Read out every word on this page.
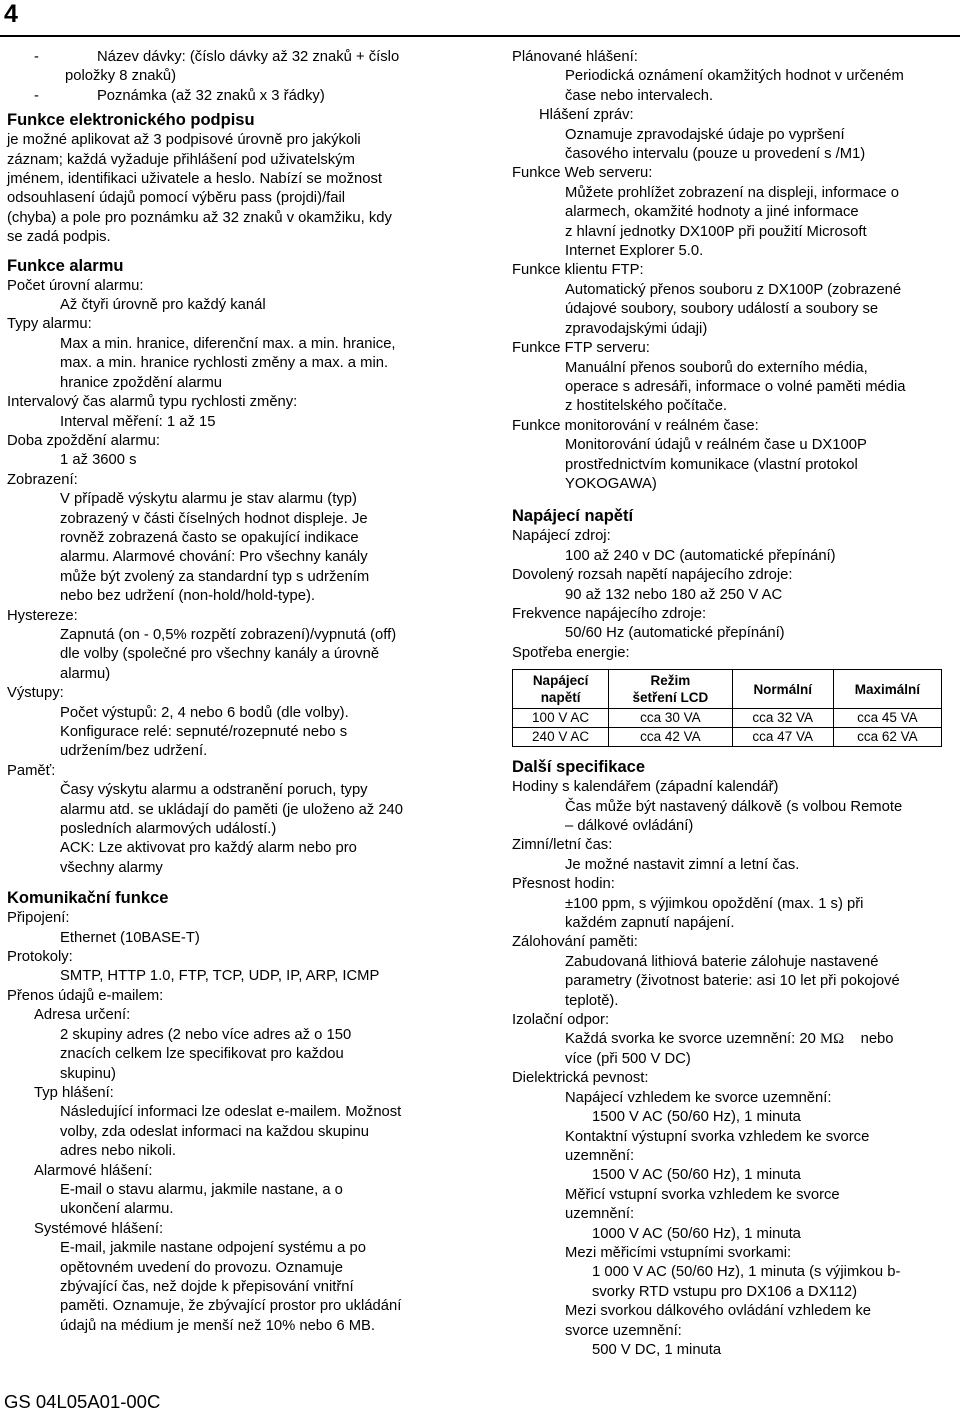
4
-	Název dávky: (číslo dávky až 32 znaků + číslo
položky 8 znaků)
-	Poznámka (až 32 znaků x 3 řádky)
Funkce elektronického podpisu
je možné aplikovat až 3 podpisové úrovně pro jakýkoli
záznam; každá vyžaduje přihlášení pod uživatelským
jménem, identifikaci uživatele a heslo. Nabízí se možnost
odsouhlasení údajů pomocí výběru pass (projdi)/fail
(chyba) a pole pro poznámku až 32 znaků v okamžiku, kdy
se zadá podpis.
Funkce alarmu
Počet úrovní alarmu:
Až čtyři úrovně pro každý kanál
Typy alarmu:
Max a min. hranice, diferenční max. a min. hranice,
max. a min. hranice rychlosti změny a max. a min.
hranice zpoždění alarmu
Intervalový čas alarmů typu rychlosti změny:
Interval měření: 1 až 15
Doba zpoždění alarmu:
1 až 3600 s
Zobrazení:
V případě výskytu alarmu je stav alarmu (typ)
zobrazený v části číselných hodnot displeje. Je
rovněž zobrazená často se opakující indikace
alarmu. Alarmové chování: Pro všechny kanály
může být zvolený za standardní typ s udržením
nebo bez udržení (non-hold/hold-type).
Hystereze:
Zapnutá (on - 0,5% rozpětí zobrazení)/vypnutá (off)
dle volby (společné pro všechny kanály a úrovně
alarmu)
Výstupy:
Počet výstupů: 2, 4 nebo 6 bodů (dle volby).
Konfigurace relé: sepnuté/rozepnuté nebo s
udržením/bez udržení.
Paměť:
Časy výskytu alarmu a odstranění poruch, typy
alarmu atd. se ukládají do paměti (je uloženo až 240
posledních alarmových událostí.)
ACK: Lze aktivovat pro každý alarm nebo pro
všechny alarmy
Komunikační funkce
Připojení:
Ethernet (10BASE-T)
Protokoly:
SMTP, HTTP 1.0, FTP, TCP, UDP, IP, ARP, ICMP
Přenos údajů e-mailem:
Adresa určení:
2 skupiny adres (2 nebo více adres až o 150
znacích celkem lze specifikovat pro každou
skupinu)
Typ hlášení:
Následující informaci lze odeslat e-mailem. Možnost
volby, zda odeslat informaci na každou skupinu
adres nebo nikoli.
Alarmové hlášení:
E-mail o stavu alarmu, jakmile nastane, a o
ukončení alarmu.
Systémové hlášení:
E-mail, jakmile nastane odpojení systému a po
opětovném uvedení do provozu. Oznamuje
zbývající čas, než dojde k přepisování vnitřní
paměti. Oznamuje, že zbývající prostor pro ukládání
údajů na médium je menší než 10% nebo 6 MB.
Plánované hlášení:
Periodická oznámení okamžitých hodnot v určeném
čase nebo intervalech.
Hlášení zpráv:
Oznamuje zpravodajské údaje po vypršení
časového intervalu (pouze u provedení s /M1)
Funkce Web serveru:
Můžete prohlížet zobrazení na displeji, informace o
alarmech, okamžité hodnoty a jiné informace
z hlavní jednotky DX100P při použití Microsoft
Internet Explorer 5.0.
Funkce klientu FTP:
Automatický přenos souboru z DX100P (zobrazené
údajové soubory, soubory událostí a soubory se
zpravodajskými údaji)
Funkce FTP serveru:
Manuální přenos souborů do externího média,
operace s adresáři, informace o volné paměti média
z hostitelského počítače.
Funkce monitorování v reálném čase:
Monitorování údajů v reálném čase u DX100P
prostřednictvím komunikace (vlastní protokol
YOKOGAWA)
Napájecí napětí
Napájecí zdroj:
100 až 240 v DC (automatické přepínání)
Dovolený rozsah napětí napájecího zdroje:
90 až 132 nebo 180 až 250 V AC
Frekvence napájecího zdroje:
50/60 Hz (automatické přepínání)
Spotřeba energie:
Napájecí
napětí	Režim
šetření LCD	Normální	Maximální
100 V AC	cca 30 VA	cca 32 VA	cca 45 VA
240 V AC	cca 42 VA	cca 47 VA	cca 62 VA
Další specifikace
Hodiny s kalendářem (západní kalendář)
Čas může být nastavený dálkově (s volbou Remote
– dálkové ovládání)
Zimní/letní čas:
Je možné nastavit zimní a letní čas.
Přesnost hodin:
±100 ppm, s výjimkou opoždění (max. 1 s) při
každém zapnutí napájení.
Zálohování paměti:
Zabudovaná lithiová baterie zálohuje nastavené
parametry (životnost baterie: asi 10 let při pokojové
teplotě).
Izolační odpor:
Každá svorka ke svorce uzemnění: 20 MΩ nebo
více (při 500 V DC)
Dielektrická pevnost:
Napájecí vzhledem ke svorce uzemnění:
1500 V AC (50/60 Hz), 1 minuta
Kontaktní výstupní svorka vzhledem ke svorce
uzemnění:
1500 V AC (50/60 Hz), 1 minuta
Měřicí vstupní svorka vzhledem ke svorce
uzemnění:
1000 V AC (50/60 Hz), 1 minuta
Mezi měřicími vstupními svorkami:
1 000 V AC (50/60 Hz), 1 minuta (s výjimkou b-
svorky RTD vstupu pro DX106 a DX112)
Mezi svorkou dálkového ovládání vzhledem ke
svorce uzemnění:
500 V DC, 1 minuta
GS 04L05A01-00C
